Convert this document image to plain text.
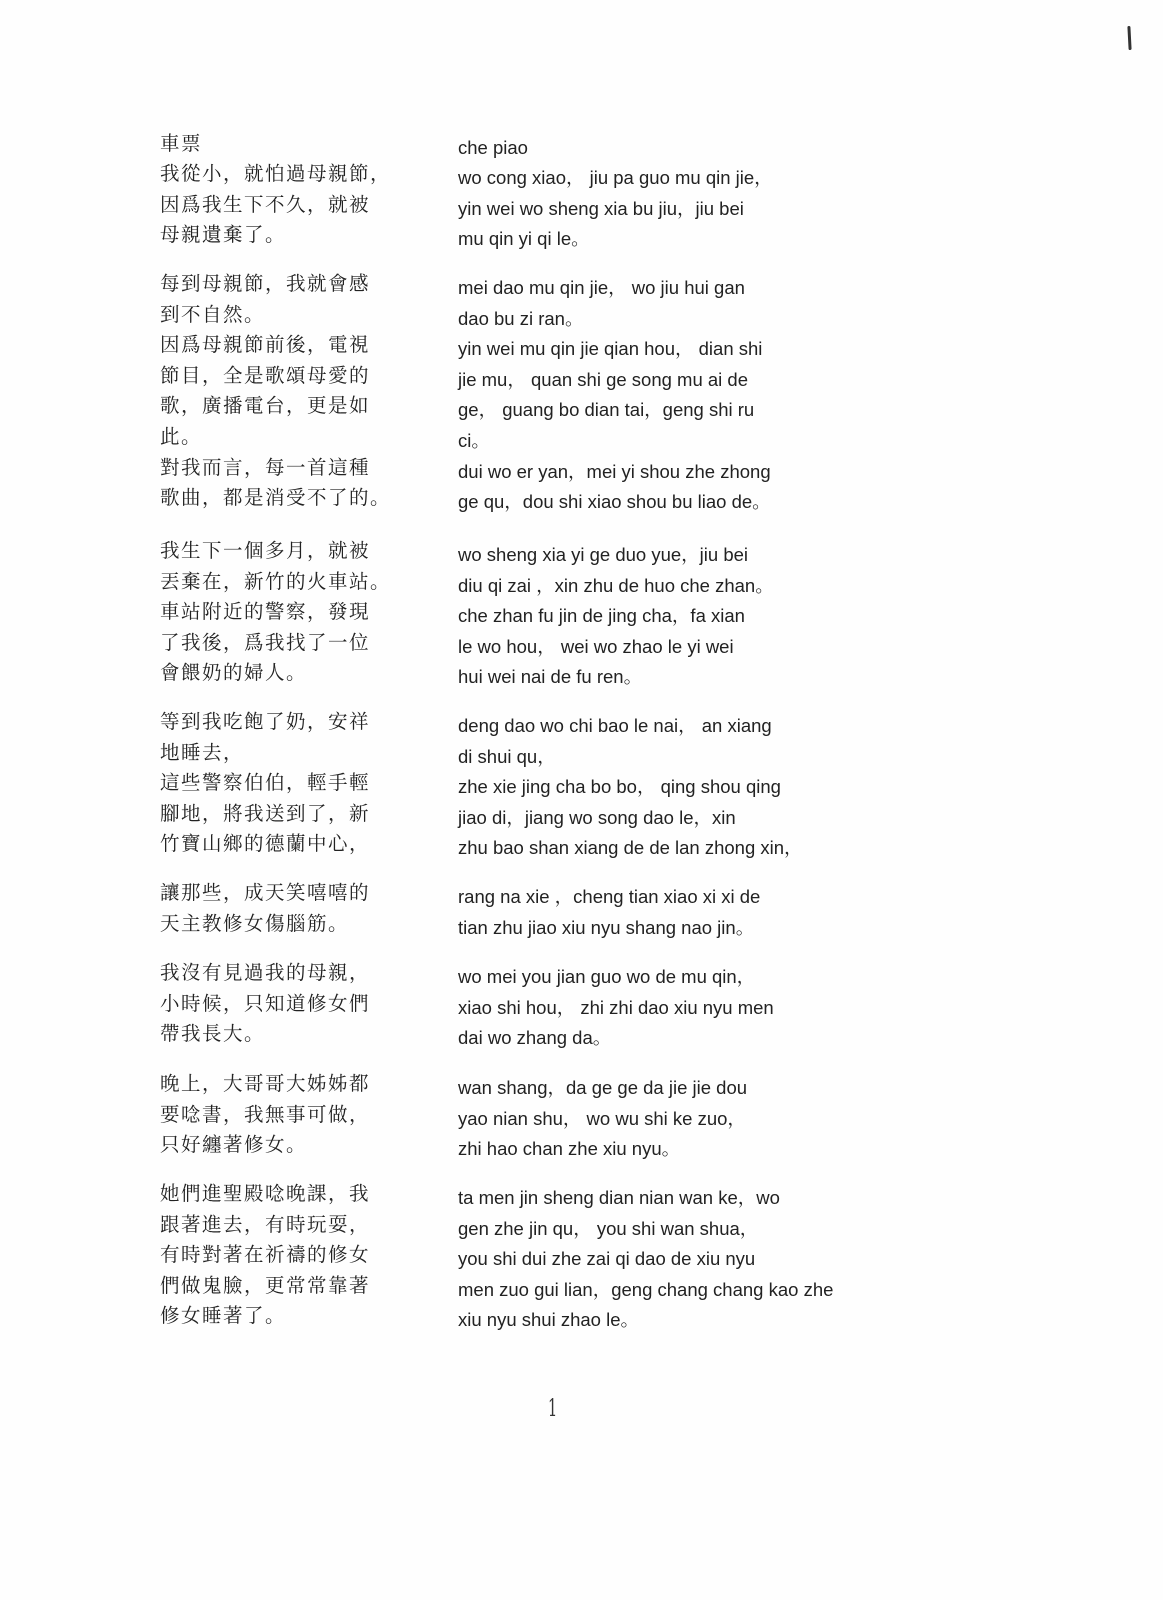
車票
我從小，就怕過母親節，
因爲我生下不久，就被
母親遺棄了。
每到母親節，我就會感
到不自然。
因爲母親節前後，電視
節目，全是歌頌母愛的
歌，廣播電台，更是如
此。
對我而言，每一首這種
歌曲，都是消受不了的。
我生下一個多月，就被
丟棄在，新竹的火車站。
車站附近的警察，發現
了我後，爲我找了一位
會餵奶的婦人。
等到我吃飽了奶，安祥
地睡去，
這些警察伯伯，輕手輕
腳地，將我送到了，新
竹寶山鄉的德蘭中心，
讓那些，成天笑嘻嘻的
天主教修女傷腦筋。
我沒有見過我的母親，
小時候，只知道修女們
帶我長大。
晚上，大哥哥大姊姊都
要唸書，我無事可做，
只好纏著修女。
她們進聖殿唸晚課，我
跟著進去，有時玩耍，
有時對著在祈禱的修女
們做鬼臉，更常常靠著
修女睡著了。
che piao
wo cong xiao， jiu pa guo mu qin jie，
yin wei wo sheng xia bu jiu，jiu bei
mu qin yi qi le。
mei dao mu qin jie， wo jiu hui gan
dao bu zi ran。
yin wei mu qin jie qian hou， dian shi
jie mu， quan shi ge song mu ai de
ge， guang bo dian tai，geng shi ru
ci。
dui wo er yan，mei yi shou zhe zhong
ge qu，dou shi xiao shou bu liao de。
wo sheng xia yi ge duo yue，jiu bei
diu qi zai ，xin zhu de huo che zhan。
che zhan fu jin de jing cha，fa xian
le wo hou， wei wo zhao le yi wei
hui wei nai de fu ren。
deng dao wo chi bao le nai， an xiang
di shui qu，
zhe xie jing cha bo bo， qing shou qing
jiao di，jiang wo song dao le，xin
zhu bao shan xiang de de lan zhong xin，
rang na xie ，cheng tian xiao xi xi de
tian zhu jiao xiu nyu shang nao jin。
wo mei you jian guo wo de mu qin，
xiao shi hou， zhi zhi dao xiu nyu men
dai wo zhang da。
wan shang，da ge ge da jie jie dou
yao nian shu， wo wu shi ke zuo，
zhi hao chan zhe xiu nyu。
ta men jin sheng dian nian wan ke，wo
gen zhe jin qu， you shi wan shua，
you shi dui zhe zai qi dao de xiu nyu
men zuo gui lian，geng chang chang kao zhe
xiu nyu shui zhao le。
1
